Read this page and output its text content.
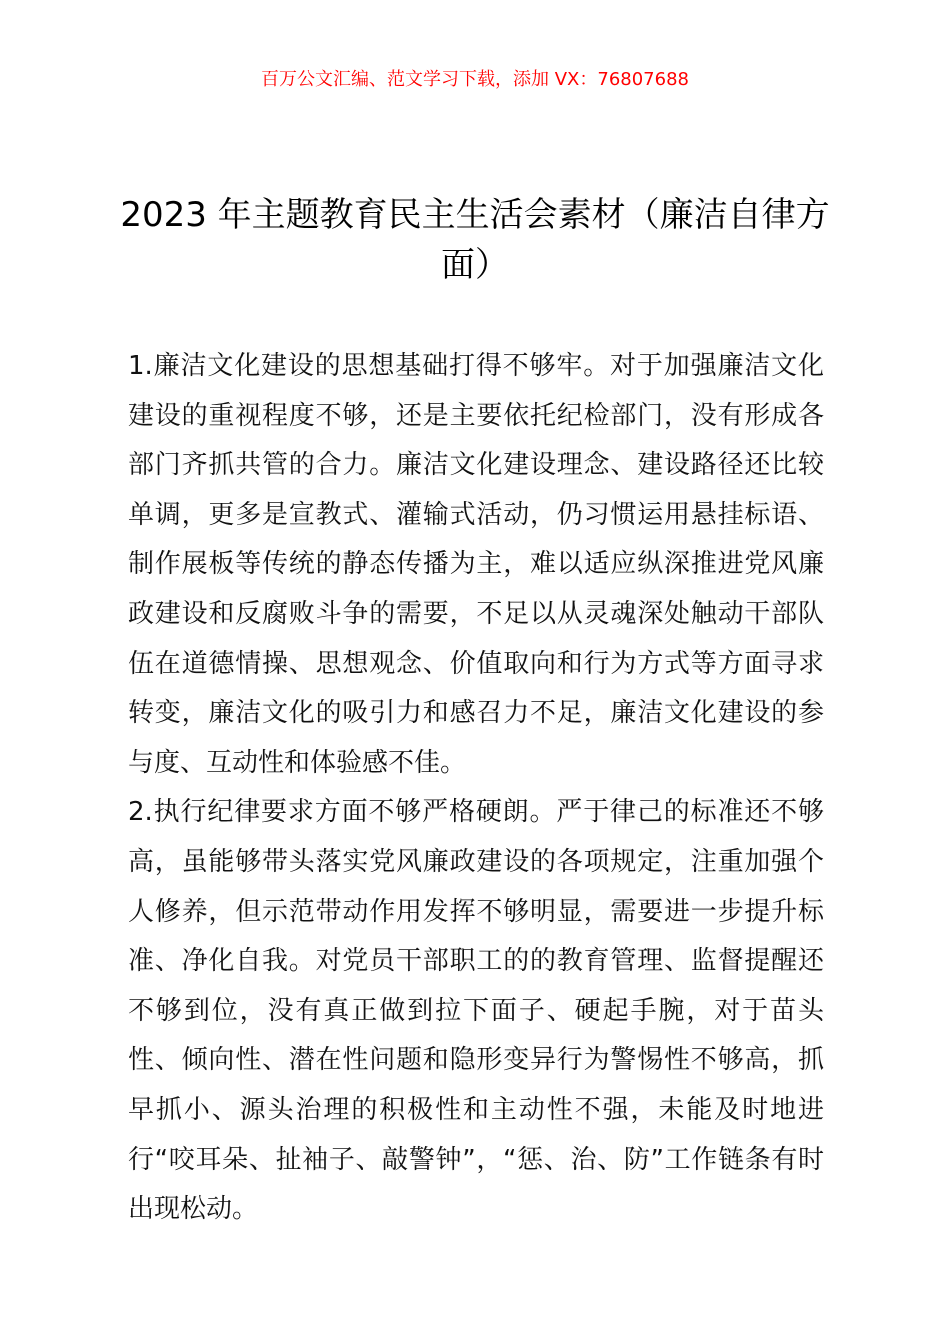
百万公文汇编、范文学习下载，添加 VX：76807688
2023 年主题教育民主生活会素材（廉洁自律方面）

1.廉洁文化建设的思想基础打得不够牢。对于加强廉洁文化建设的重视程度不够，还是主要依托纪检部门，没有形成各部门齐抓共管的合力。廉洁文化建设理念、建设路径还比较单调，更多是宣教式、灌输式活动，仍习惯运用悬挂标语、制作展板等传统的静态传播为主，难以适应纵深推进党风廉政建设和反腐败斗争的需要，不足以从灵魂深处触动干部队伍在道德情操、思想观念、价值取向和行为方式等方面寻求转变，廉洁文化的吸引力和感召力不足，廉洁文化建设的参与度、互动性和体验感不佳。

2.执行纪律要求方面不够严格硬朗。严于律己的标准还不够高，虽能够带头落实党风廉政建设的各项规定，注重加强个人修养，但示范带动作用发挥不够明显，需要进一步提升标准、净化自我。对党员干部职工的的教育管理、监督提醒还不够到位，没有真正做到拉下面子、硬起手腕，对于苗头性、倾向性、潜在性问题和隐形变异行为警惕性不够高，抓早抓小、源头治理的积极性和主动性不强，未能及时地进行“咬耳朵、扯袖子、敲警钟”，“惩、治、防”工作链条有时出现松动。
